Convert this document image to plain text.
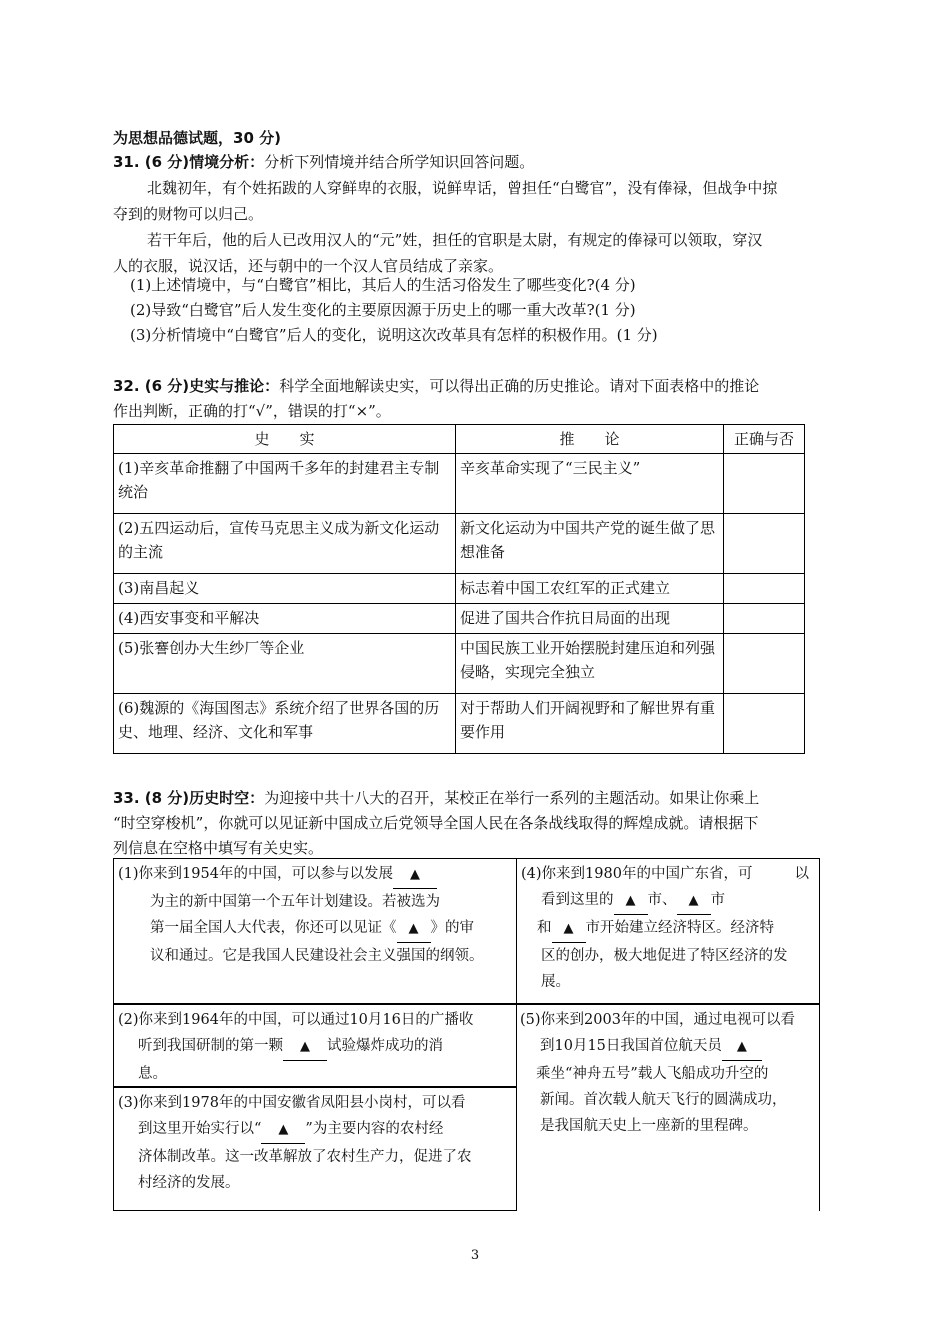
为思想品德试题，30 分)
31. (6 分)情境分析：分析下列情境并结合所学知识回答问题。
北魏初年，有个姓拓跋的人穿鲜卑的衣服，说鲜卑话，曾担任“白鹭官”，没有俸禄，但战争中掠
夺到的财物可以归己。
若干年后，他的后人已改用汉人的“元”姓，担任的官职是太尉，有规定的俸禄可以领取，穿汉
人的衣服，说汉话，还与朝中的一个汉人官员结成了亲家。
(1)上述情境中，与“白鹭官”相比，其后人的生活习俗发生了哪些变化?(4 分)
(2)导致“白鹭官”后人发生变化的主要原因源于历史上的哪一重大改革?(1 分)
(3)分析情境中“白鹭官”后人的变化，说明这次改革具有怎样的积极作用。(1 分)
32. (6 分)史实与推论：科学全面地解读史实，可以得出正确的历史推论。请对下面表格中的推论
作出判断，正确的打“√”，错误的打“×”。
史　　实	推　　论	正确与否
(1)辛亥革命推翻了中国两千多年的封建君主专制统治	辛亥革命实现了“三民主义”	
(2)五四运动后，宣传马克思主义成为新文化运动的主流	新文化运动为中国共产党的诞生做了思想准备	
(3)南昌起义	标志着中国工农红军的正式建立	
(4)西安事变和平解决	促进了国共合作抗日局面的出现	
(5)张謇创办大生纱厂等企业	中国民族工业开始摆脱封建压迫和列强侵略，实现完全独立	
(6)魏源的《海国图志》系统介绍了世界各国的历史、地理、经济、文化和军事	对于帮助人们开阔视野和了解世界有重要作用	
33. (8 分)历史时空：为迎接中共十八大的召开，某校正在举行一系列的主题活动。如果让你乘上
“时空穿梭机”，你就可以见证新中国成立后党领导全国人民在各条战线取得的辉煌成就。请根据下
列信息在空格中填写有关史实。
(1)你来到1954年的中国，可以参与以发展 ▲
为主的新中国第一个五年计划建设。若被选为
第一届全国人大代表，你还可以见证《 ▲ 》的审
议和通过。它是我国人民建设社会主义强国的纲领。
(4)你来到1980年的中国广东省，可	以
看到这里的 ▲ 市、 ▲ 市
和 ▲ 市开始建立经济特区。经济特
区的创办，极大地促进了特区经济的发
展。
(2)你来到1964年的中国，可以通过10月16日的广播收
听到我国研制的第一颗 ▲ 试验爆炸成功的消
息。
(3)你来到1978年的中国安徽省凤阳县小岗村，可以看
到这里开始实行以“ ▲ ”为主要内容的农村经
济体制改革。这一改革解放了农村生产力，促进了农
村经济的发展。
(5)你来到2003年的中国，通过电视可以看
到10月15日我国首位航天员 ▲
乘坐“神舟五号”载人飞船成功升空的
新闻。首次载人航天飞行的圆满成功，
是我国航天史上一座新的里程碑。
3
